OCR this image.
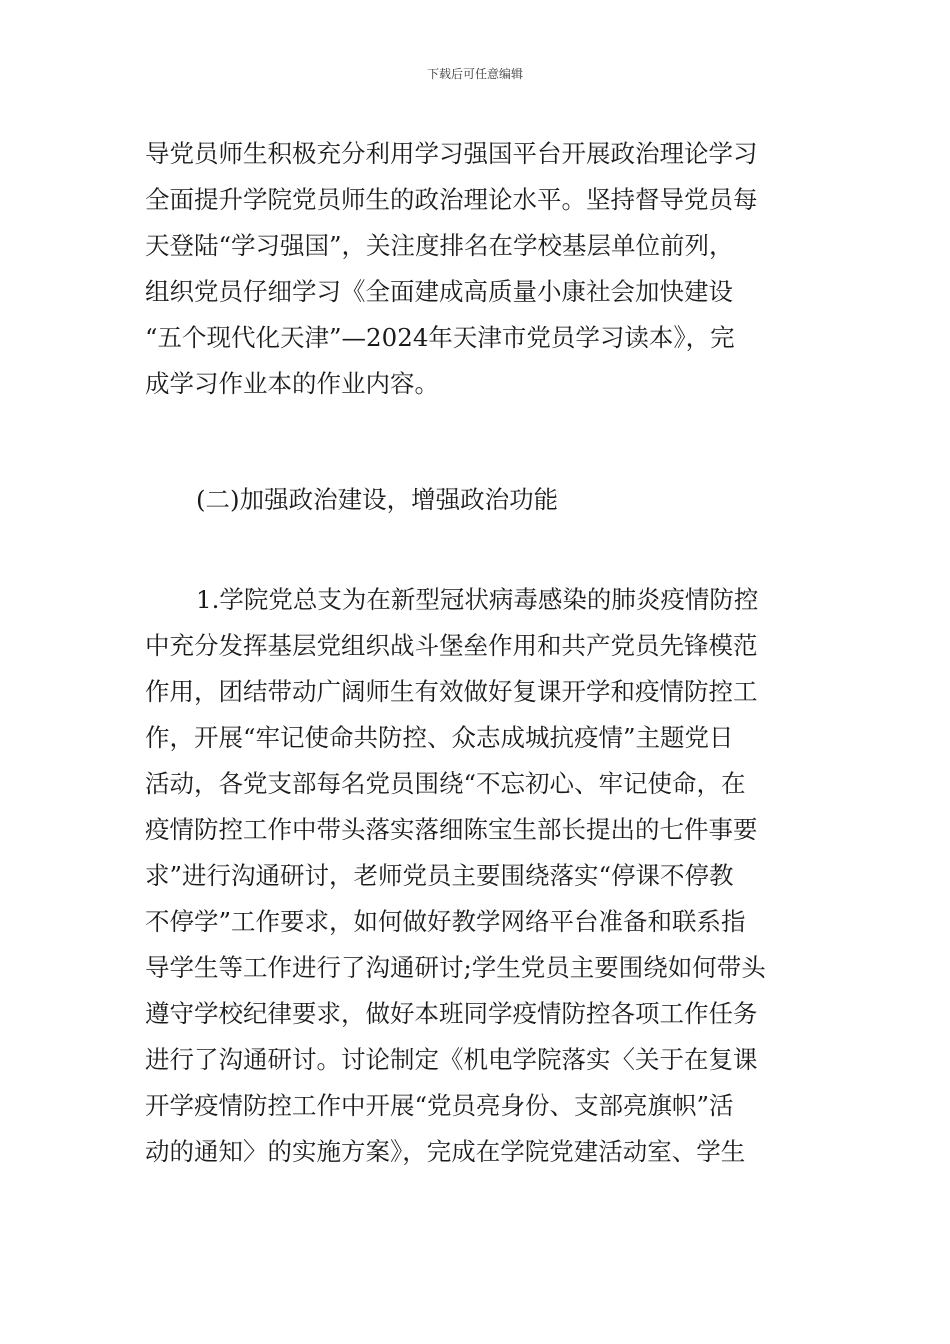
下载后可任意编辑
导党员师生积极充分利用学习强国平台开展政治理论学习
全面提升学院党员师生的政治理论水平。坚持督导党员每
天登陆“学习强国”，关注度排名在学校基层单位前列，
组织党员仔细学习《全面建成高质量小康社会加快建设
“五个现代化天津”—2024年天津市党员学习读本》，完
成学习作业本的作业内容。
(二)加强政治建设，增强政治功能
1.学院党总支为在新型冠状病毒感染的肺炎疫情防控
中充分发挥基层党组织战斗堡垒作用和共产党员先锋模范
作用，团结带动广阔师生有效做好复课开学和疫情防控工
作，开展“牢记使命共防控、众志成城抗疫情”主题党日
活动，各党支部每名党员围绕“不忘初心、牢记使命，在
疫情防控工作中带头落实落细陈宝生部长提出的七件事要
求”进行沟通研讨，老师党员主要围绕落实“停课不停教
不停学”工作要求，如何做好教学网络平台准备和联系指
导学生等工作进行了沟通研讨;学生党员主要围绕如何带头
遵守学校纪律要求，做好本班同学疫情防控各项工作任务
进行了沟通研讨。讨论制定《机电学院落实〈关于在复课
开学疫情防控工作中开展“党员亮身份、支部亮旗帜”活
动的通知〉的实施方案》，完成在学院党建活动室、学生
